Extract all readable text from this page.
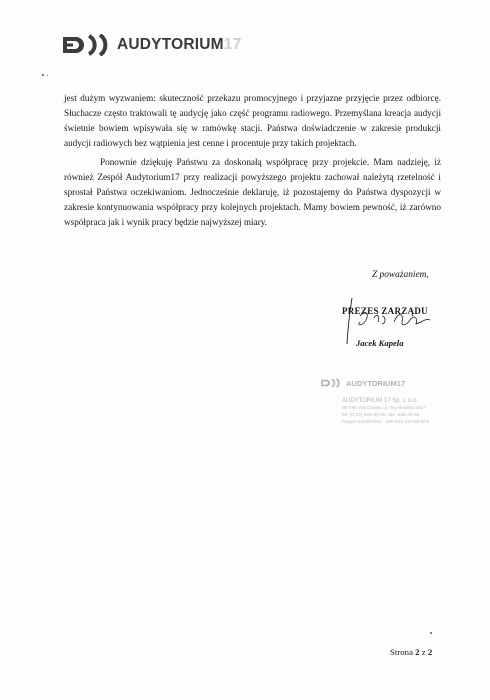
AUDYTORIUM17

jest dużym wyzwaniem: skuteczność przekazu promocyjnego i przyjazne przyjęcie przez odbiorcę. Słuchacze często traktowali tę audycję jako część programu radiowego. Przemyślana kreacja audycji świetnie bowiem wpisywała się w ramówkę stacji. Państwa doświadczenie w zakresie produkcji audycji radiowych bez wątpienia jest cenne i procentuje przy takich projektach.

Ponownie dziękuję Państwu za doskonałą współpracę przy projekcie. Mam nadzieję, iż również Zespół Audytorium17 przy realizacji powyższego projektu zachował należytą rzetelność i sprostał Państwa oczekiwaniom. Jednocześnie deklaruję, iż pozostajemy do Państwa dyspozycji w zakresie kontynuowania współpracy przy kolejnych projektach. Mamy bowiem pewność, iż zarówno współpraca jak i wynik pracy będzie najwyższej miary.

Z poważaniem,
PREZES ZARZĄDU
Jacek Kapela
AUDYTORIUM17
AUDYTORIUM 17 Sp. z o.o.
00-496 Warszawa, ul. Wynikalska 3/5/7
tel. (0-22) 645-33-00, fax. 645-33-66
Regon 015397022 · NIP 521-127-85-876
Strona 2 z 2
